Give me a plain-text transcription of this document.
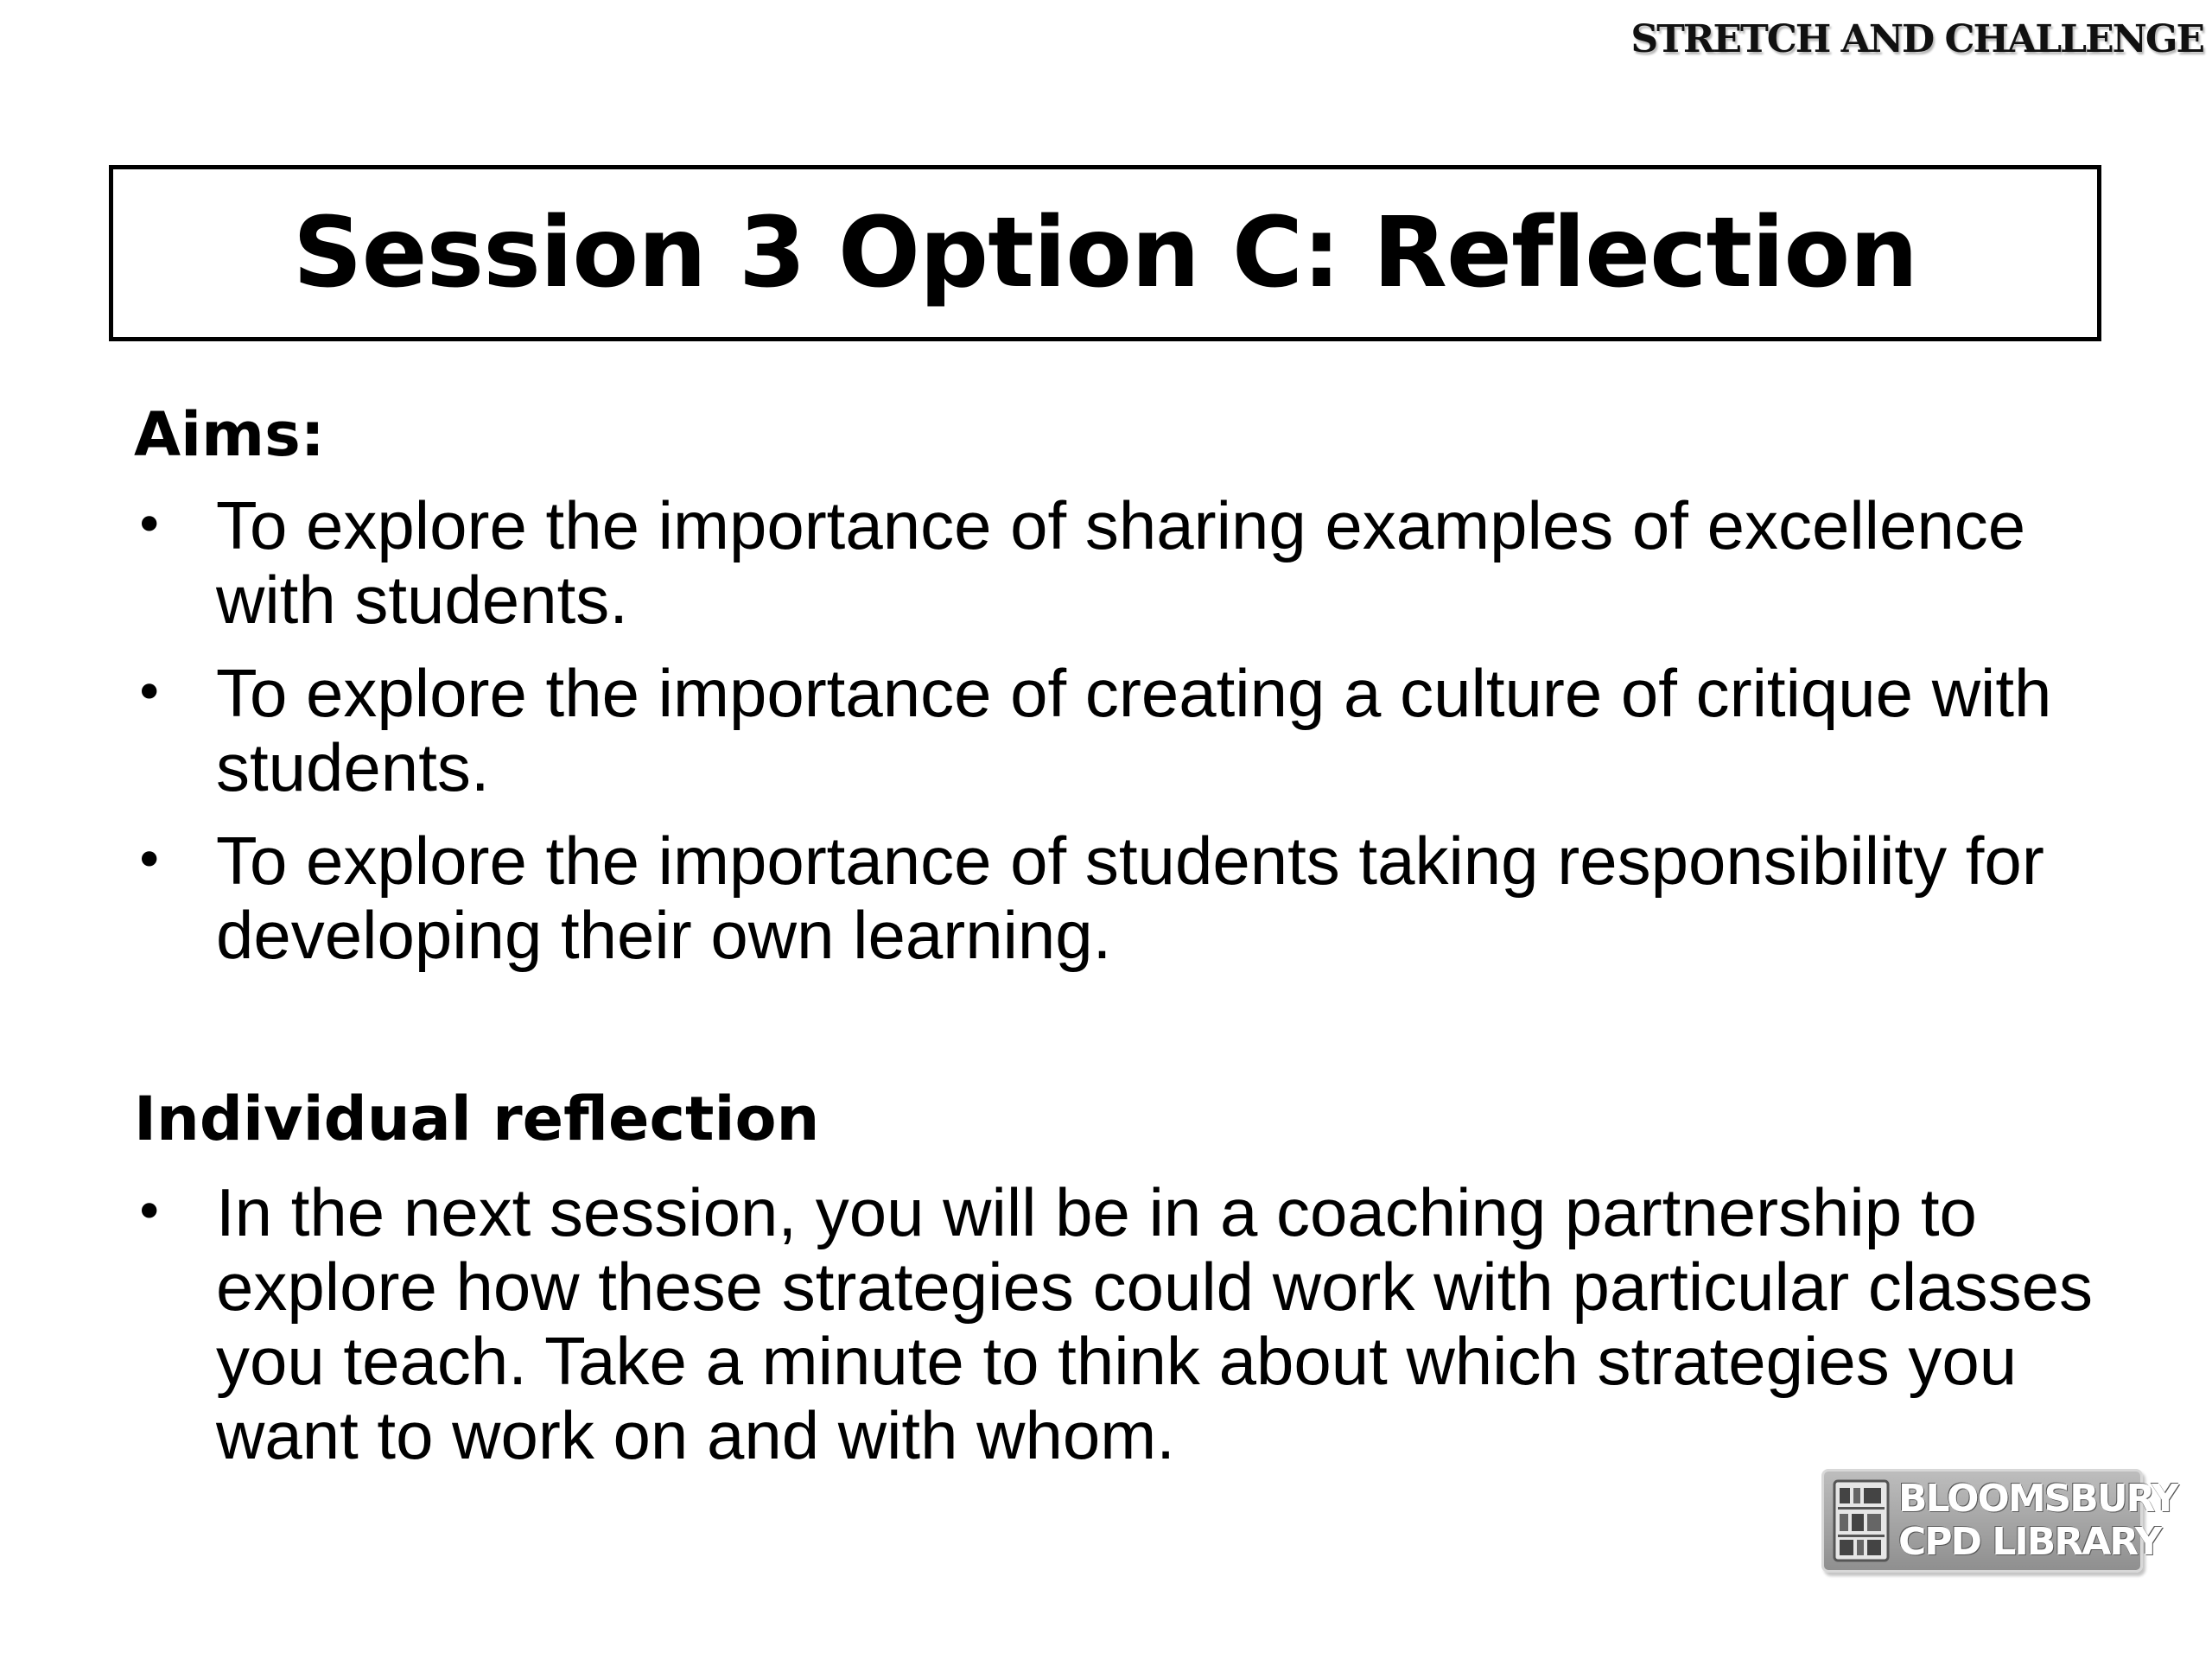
STRETCH AND CHALLENGE
Session 3 Option C: Reflection
Aims:
• To explore the importance of sharing examples of excellence with students.
• To explore the importance of creating a culture of critique with students.
• To explore the importance of students taking responsibility for developing their own learning.
Individual reflection
• In the next session, you will be in a coaching partnership to explore how these strategies could work with particular classes you teach. Take a minute to think about which strategies you want to work on and with whom.
BLOOMSBURY
CPD LIBRARY
